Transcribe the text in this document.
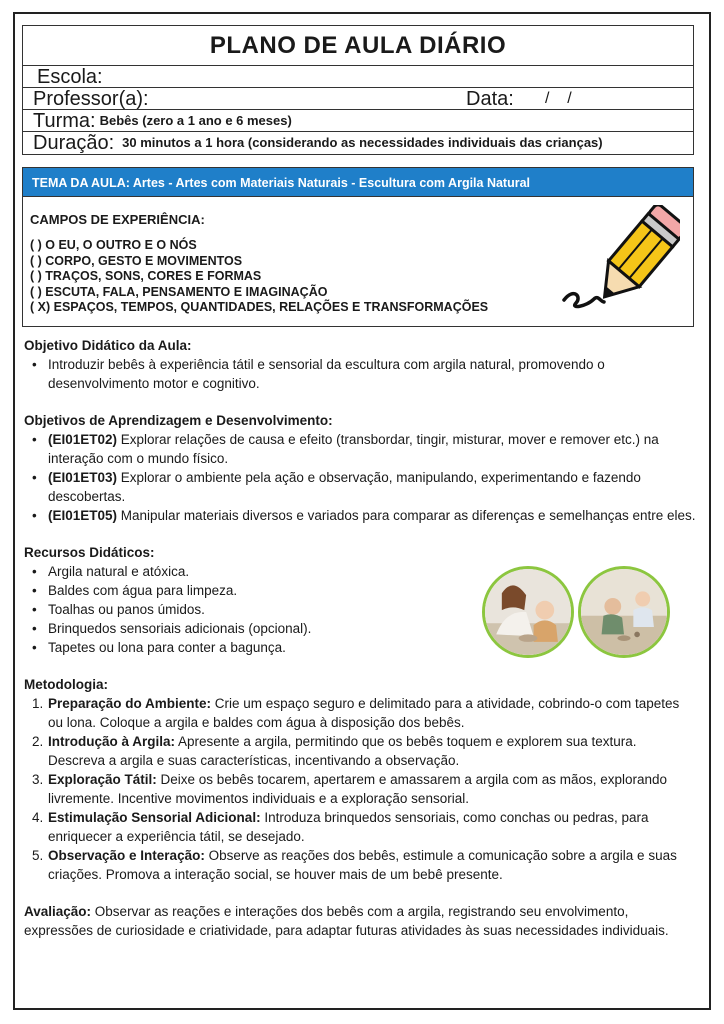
PLANO DE AULA DIÁRIO
Escola:
Professor(a):	Data: /    /
Turma: Bebês (zero a 1 ano e 6 meses)
Duração: 30 minutos a 1 hora (considerando as necessidades individuais das crianças)
TEMA DA AULA: Artes - Artes com Materiais Naturais - Escultura com Argila Natural
CAMPOS DE EXPERIÊNCIA:
( ) O EU, O OUTRO E O NÓS
( ) CORPO, GESTO E MOVIMENTOS
( ) TRAÇOS, SONS, CORES E FORMAS
( ) ESCUTA, FALA, PENSAMENTO E IMAGINAÇÃO
( X) ESPAÇOS, TEMPOS, QUANTIDADES, RELAÇÕES E TRANSFORMAÇÕES
Objetivo Didático da Aula:
• Introduzir bebês à experiência tátil e sensorial da escultura com argila natural, promovendo o desenvolvimento motor e cognitivo.
Objetivos de Aprendizagem e Desenvolvimento:
• (EI01ET02) Explorar relações de causa e efeito (transbordar, tingir, misturar, mover e remover etc.) na interação com o mundo físico.
• (EI01ET03) Explorar o ambiente pela ação e observação, manipulando, experimentando e fazendo descobertas.
• (EI01ET05) Manipular materiais diversos e variados para comparar as diferenças e semelhanças entre eles.
Recursos Didáticos:
• Argila natural e atóxica.
• Baldes com água para limpeza.
• Toalhas ou panos úmidos.
• Brinquedos sensoriais adicionais (opcional).
• Tapetes ou lona para conter a bagunça.
Metodologia:
1. Preparação do Ambiente: Crie um espaço seguro e delimitado para a atividade, cobrindo-o com tapetes ou lona. Coloque a argila e baldes com água à disposição dos bebês.
2. Introdução à Argila: Apresente a argila, permitindo que os bebês toquem e explorem sua textura. Descreva a argila e suas características, incentivando a observação.
3. Exploração Tátil: Deixe os bebês tocarem, apertarem e amassarem a argila com as mãos, explorando livremente. Incentive movimentos individuais e a exploração sensorial.
4. Estimulação Sensorial Adicional: Introduza brinquedos sensoriais, como conchas ou pedras, para enriquecer a experiência tátil, se desejado.
5. Observação e Interação: Observe as reações dos bebês, estimule a comunicação sobre a argila e suas criações. Promova a interação social, se houver mais de um bebê presente.
Avaliação: Observar as reações e interações dos bebês com a argila, registrando seu envolvimento, expressões de curiosidade e criatividade, para adaptar futuras atividades às suas necessidades individuais.
